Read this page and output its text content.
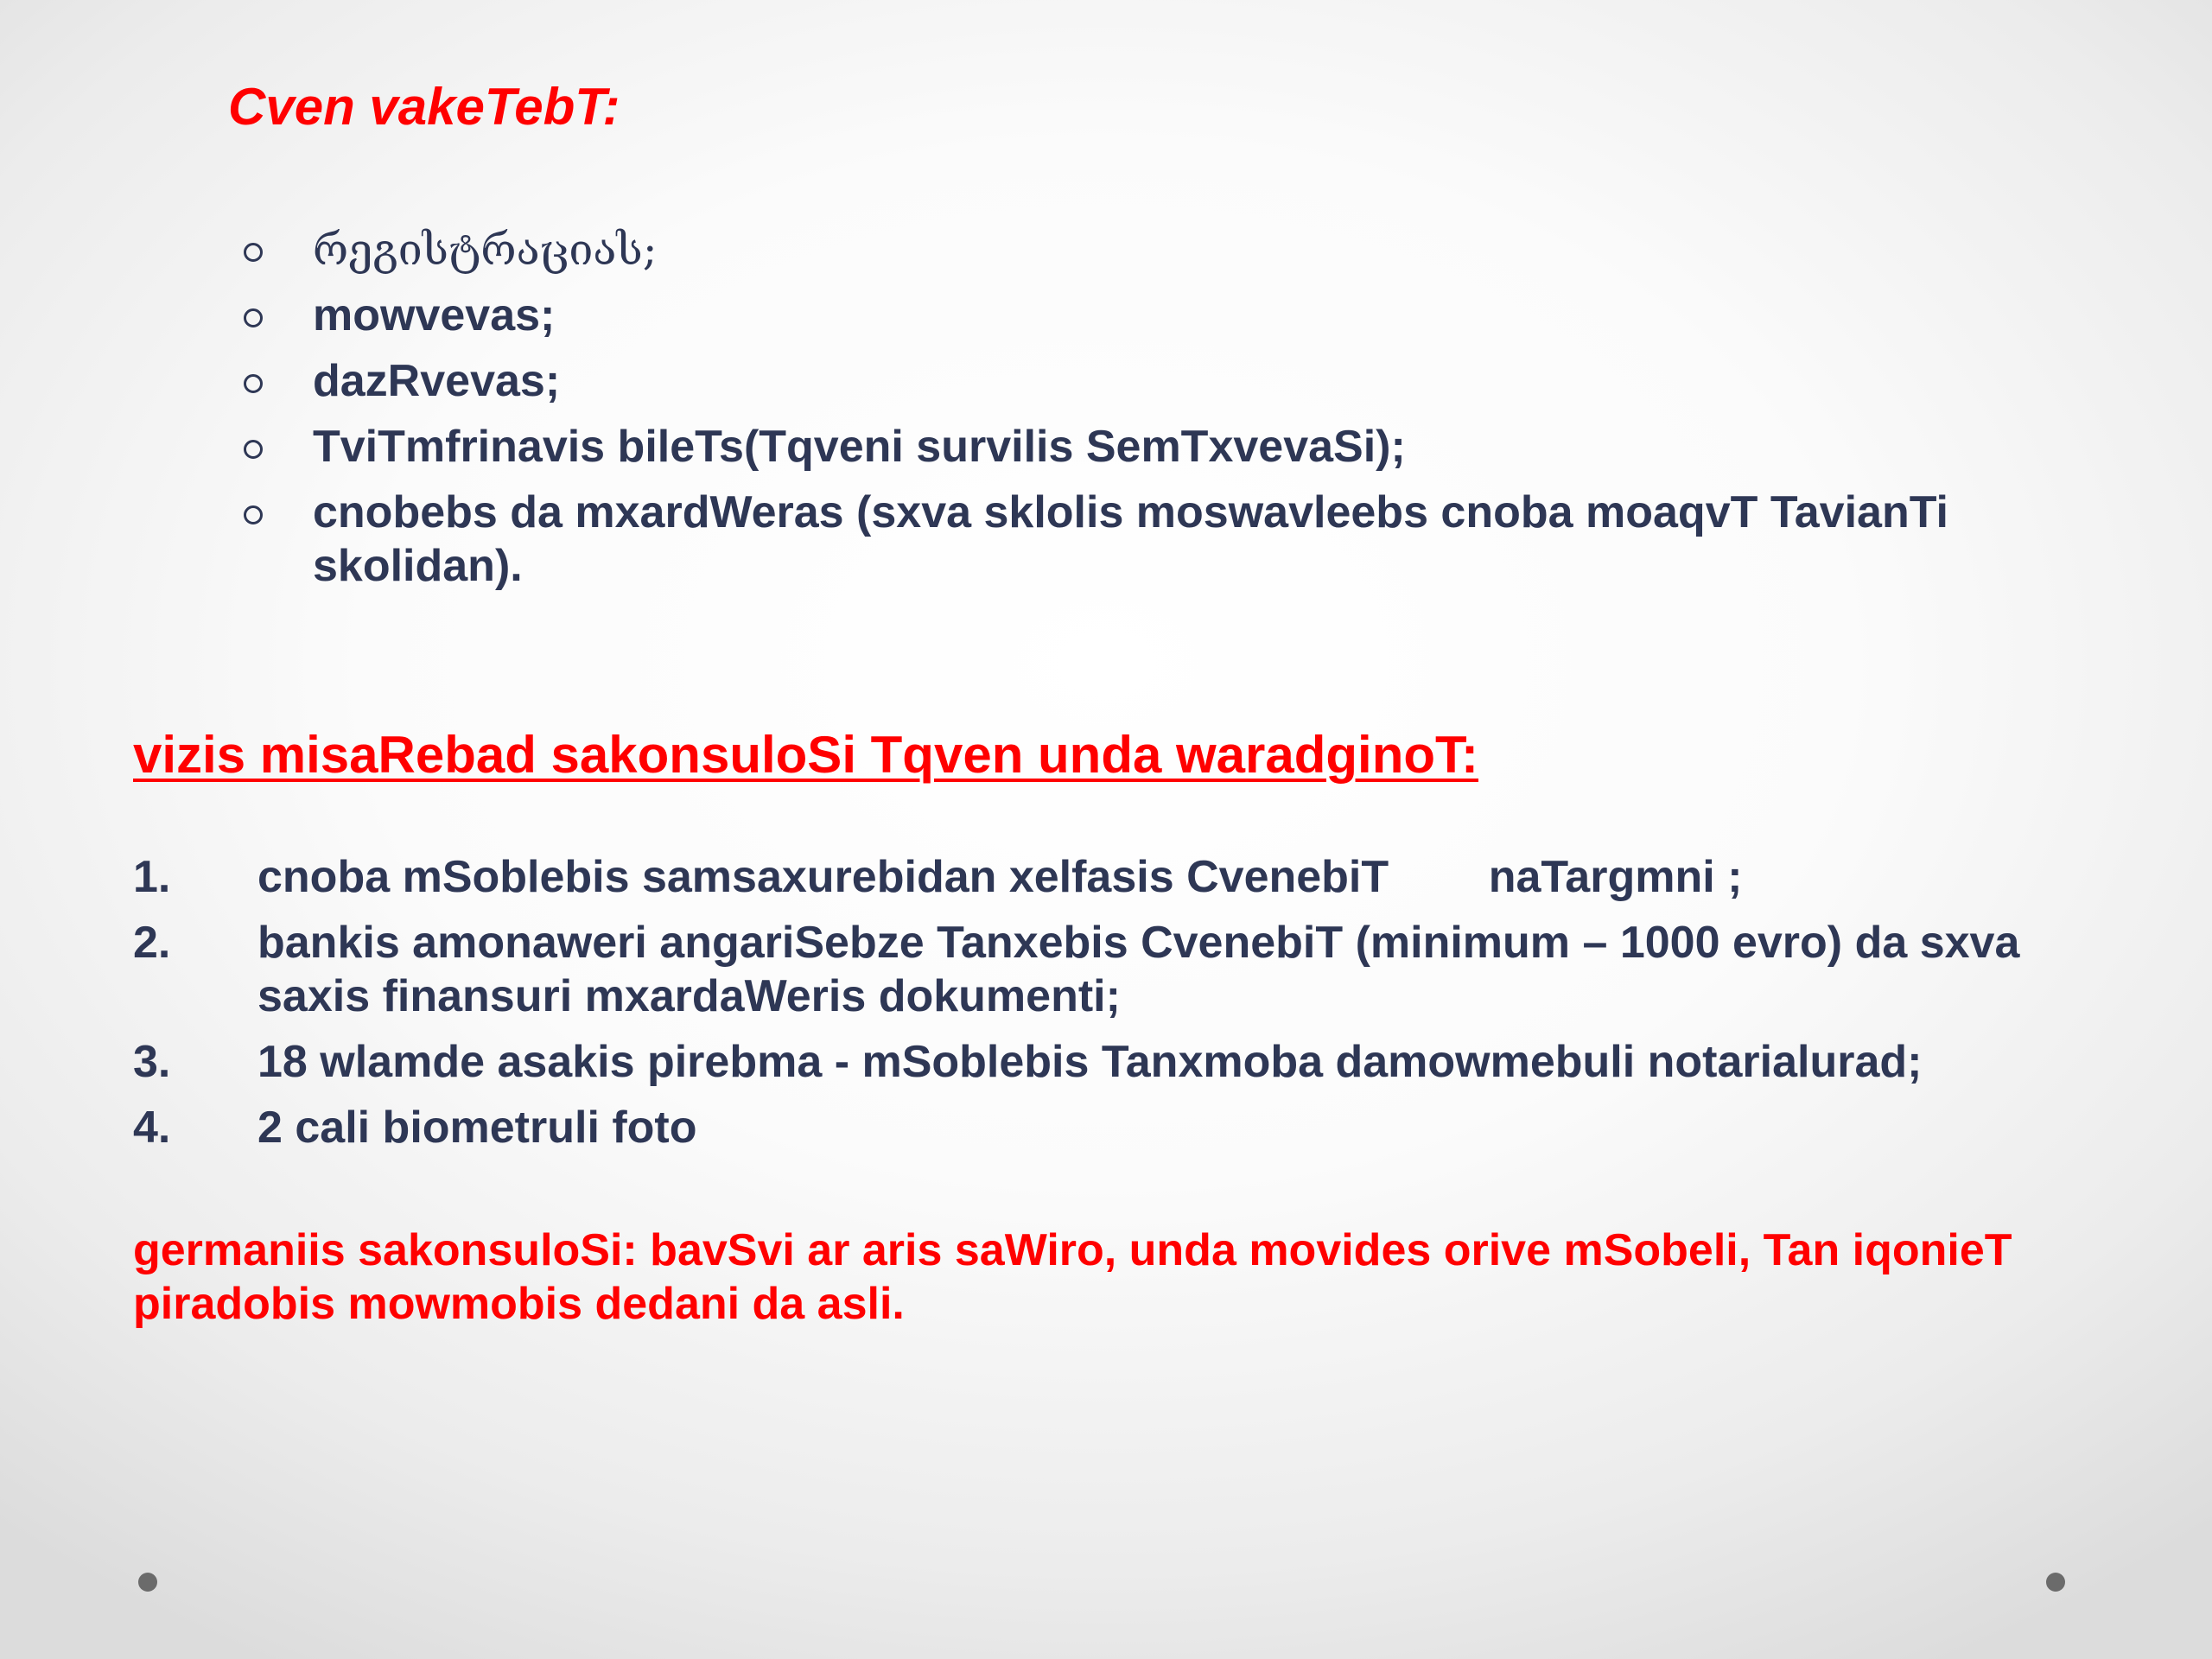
Cven vakeTebT:
რეგისტრაციას;
mowvevas;
dazRvevas;
TviTmfrinavis bileTs(Tqveni survilis SemTxvevaSi);
cnobebs da mxardWeras (sxva sklolis moswavleebs cnoba moaqvT TavianTi skolidan).
vizis misaRebad sakonsuloSi Tqven unda waradginoT:
1. cnoba mSoblebis samsaxurebidan xelfasis CvenebiT        naTargmni ;
2. bankis amonaweri angariSebze Tanxebis CvenebiT (minimum – 1000 evro) da sxva saxis finansuri mxardaWeris dokumenti;
3. 18 wlamde asakis pirebma - mSoblebis Tanxmoba damowmebuli notarialurad;
4. 2 cali biometruli foto
germaniis sakonsuloSi: bavSvi ar aris saWiro, unda movides orive mSobeli, Tan iqonieT piradobis mowmobis dedani da asli.
